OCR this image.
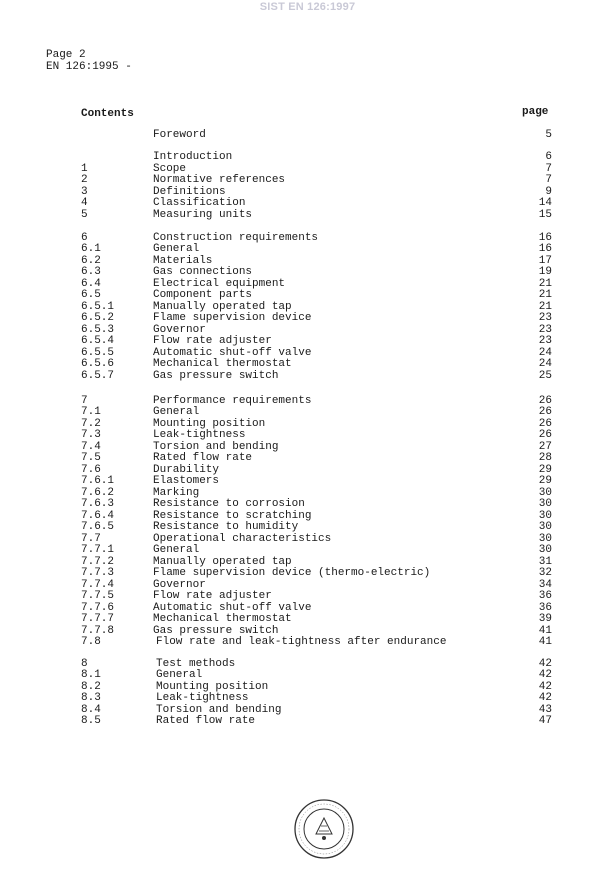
SIST EN 126:1997
Page 2
EN 126:1995 -
Contents	page
Foreword	5
Introduction	6
1	Scope	7
2	Normative references	7
3	Definitions	9
4	Classification	14
5	Measuring units	15
6	Construction requirements	16
6.1	General	16
6.2	Materials	17
6.3	Gas connections	19
6.4	Electrical equipment	21
6.5	Component parts	21
6.5.1	Manually operated tap	21
6.5.2	Flame supervision device	23
6.5.3	Governor	23
6.5.4	Flow rate adjuster	23
6.5.5	Automatic shut-off valve	24
6.5.6	Mechanical thermostat	24
6.5.7	Gas pressure switch	25
7	Performance requirements	26
7.1	General	26
7.2	Mounting position	26
7.3	Leak-tightness	26
7.4	Torsion and bending	27
7.5	Rated flow rate	28
7.6	Durability	29
7.6.1	Elastomers	29
7.6.2	Marking	30
7.6.3	Resistance to corrosion	30
7.6.4	Resistance to scratching	30
7.6.5	Resistance to humidity	30
7.7	Operational characteristics	30
7.7.1	General	30
7.7.2	Manually operated tap	31
7.7.3	Flame supervision device (thermo-electric)	32
7.7.4	Governor	34
7.7.5	Flow rate adjuster	36
7.7.6	Automatic shut-off valve	36
7.7.7	Mechanical thermostat	39
7.7.8	Gas pressure switch	41
7.8	Flow rate and leak-tightness after endurance	41
8	Test methods	42
8.1	General	42
8.2	Mounting position	42
8.3	Leak-tightness	42
8.4	Torsion and bending	43
8.5	Rated flow rate	47
